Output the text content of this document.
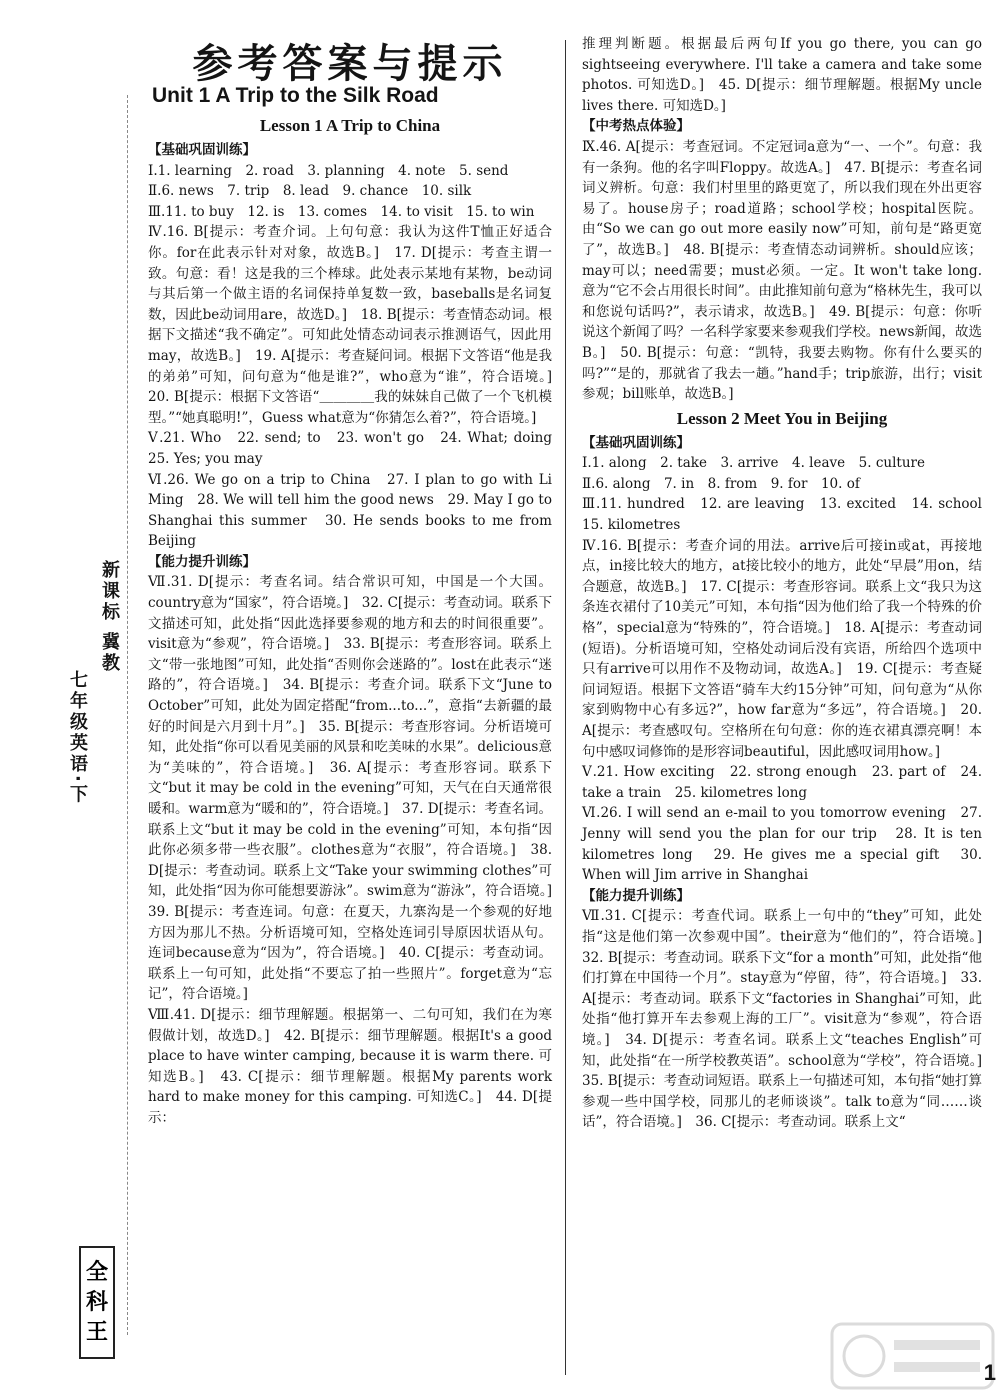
参考答案与提示
Unit 1 A Trip to the Silk Road
新课标 冀教
七年级英语·下
全
科
王
Lesson 1 A Trip to China
【基础巩固训练】

Ⅰ.1. learning　2. road　3. planning　4. note　5. send

Ⅱ.6. news　7. trip　8. lead　9. chance　10. silk

Ⅲ.11. to buy　12. is　13. comes　14. to visit　15. to win

Ⅳ.16. B[提示：考查介词。上句句意：我认为这件T恤正好适合你。for在此表示针对对象，故选B。]　17. D[提示：考查主谓一致。句意：看！这是我的三个棒球。此处表示某地有某物，be动词与其后第一个做主语的名词保持单复数一致，baseballs是名词复数，因此be动词用are，故选D。]　18. B[提示：考查情态动词。根据下文描述“我不确定”。可知此处情态动词表示推测语气，因此用may，故选B。]　19. A[提示：考查疑问词。根据下文答语“他是我的弟弟”可知，问句意为“他是谁?”，who意为“谁”，符合语境。]　20. B[提示：根据下文答语“＿＿＿＿我的妹妹自己做了一个飞机模型。”“她真聪明!”，Guess what意为“你猜怎么着?”，符合语境。]

Ⅴ.21. Who　22. send; to　23. won't go　24. What; doing　25. Yes; you may

Ⅵ.26. We go on a trip to China　27. I plan to go with Li Ming　28. We will tell him the good news　29. May I go to Shanghai this summer　30. He sends books to me from Beijing

【能力提升训练】

Ⅶ.31. D[提示：考查名词。结合常识可知，中国是一个大国。country意为“国家”，符合语境。]　32. C[提示：考查动词。联系下文描述可知，此处指“因此选择要参观的地方和去的时间很重要”。visit意为“参观”，符合语境。]　33. B[提示：考查形容词。联系上文“带一张地图”可知，此处指“否则你会迷路的”。lost在此表示“迷路的”，符合语境。]　34. B[提示：考查介词。联系下文“June to October”可知，此处为固定搭配“from...to...”，意指“去新疆的最好的时间是六月到十月”。]　35. B[提示：考查形容词。分析语境可知，此处指“你可以看见美丽的风景和吃美味的水果”。delicious意为“美味的”，符合语境。]　36. A[提示：考查形容词。联系下文“but it may be cold in the evening”可知，天气在白天通常很暖和。warm意为“暖和的”，符合语境。]　37. D[提示：考查名词。联系上文“but it may be cold in the evening”可知，本句指“因此你必须多带一些衣服”。clothes意为“衣服”，符合语境。]　38. D[提示：考查动词。联系上文“Take your swimming clothes”可知，此处指“因为你可能想要游泳”。swim意为“游泳”，符合语境。]　39. B[提示：考查连词。句意：在夏天，九寨沟是一个参观的好地方因为那儿不热。分析语境可知，空格处连词引导原因状语从句。连词because意为“因为”，符合语境。]　40. C[提示：考查动词。联系上一句可知，此处指“不要忘了拍一些照片”。forget意为“忘记”，符合语境。]

Ⅷ.41. D[提示：细节理解题。根据第一、二句可知，我们在为寒假做计划，故选D。]　42. B[提示：细节理解题。根据It's a good place to have winter camping, because it is warm there. 可知选B。]　43. C[提示：细节理解题。根据My parents work hard to make money for this camping. 可知选C。]　44. D[提示：

推理判断题。根据最后两句If you go there, you can go sightseeing everywhere. I'll take a camera and take some photos. 可知选D。]　45. D[提示：细节理解题。根据My uncle lives there. 可知选D。]

【中考热点体验】

Ⅸ.46. A[提示：考查冠词。不定冠词a意为“一、一个”。句意：我有一条狗。他的名字叫Floppy。故选A。]　47. B[提示：考查名词词义辨析。句意：我们村里里的路更宽了，所以我们现在外出更容易了。house房子；road道路；school学校；hospital医院。由“So we can go out more easily now”可知，前句是“路更宽了”，故选B。]　48. B[提示：考查情态动词辨析。should应该；may可以；need需要；must必须。一定。It won't take long. 意为“它不会占用很长时间”。由此推知前句意为“格林先生，我可以和您说句话吗?”，表示请求，故选B。]　49. B[提示：句意：你听说这个新闻了吗？一名科学家要来参观我们学校。news新闻，故选B。]　50. B[提示：句意：“凯特，我要去购物。你有什么要买的吗?”“是的，那就省了我去一趟。”hand手；trip旅游，出行；visit参观；bill账单，故选B。]

Lesson 2 Meet You in Beijing
【基础巩固训练】

Ⅰ.1. along　2. take　3. arrive　4. leave　5. culture

Ⅱ.6. along　7. in　8. from　9. for　10. of

Ⅲ.11. hundred　12. are leaving　13. excited　14. school　15. kilometres

Ⅳ.16. B[提示：考查介词的用法。arrive后可接in或at，再接地点，in接比较大的地方，at接比较小的地方，此处“早晨”用on，结合题意，故选B。]　17. C[提示：考查形容词。联系上文“我只为这条连衣裙付了10美元”可知，本句指“因为他们给了我一个特殊的价格”，special意为“特殊的”，符合语境。]　18. A[提示：考查动词(短语)。分析语境可知，空格处动词后没有宾语，所给四个选项中只有arrive可以用作不及物动词，故选A。]　19. C[提示：考查疑问词短语。根据下文答语“骑车大约15分钟”可知，问句意为“从你家到购物中心有多远?”，how far意为“多远”，符合语境。]　20. A[提示：考查感叹句。空格所在句句意：你的连衣裙真漂亮啊！本句中感叹词修饰的是形容词beautiful，因此感叹词用how。]

Ⅴ.21. How exciting　22. strong enough　23. part of　24. take a train　25. kilometres long

Ⅵ.26. I will send an e-mail to you tomorrow evening　27. Jenny will send you the plan for our trip　28. It is ten kilometres long　29. He gives me a special gift　30. When will Jim arrive in Shanghai

【能力提升训练】

Ⅶ.31. C[提示：考查代词。联系上一句中的“they”可知，此处指“这是他们第一次参观中国”。their意为“他们的”，符合语境。]　32. B[提示：考查动词。联系下文“for a month”可知，此处指“他们打算在中国待一个月”。stay意为“停留，待”，符合语境。]　33. A[提示：考查动词。联系下文“factories in Shanghai”可知，此处指“他打算开车去参观上海的工厂”。visit意为“参观”，符合语境。]　34. D[提示：考查名词。联系上文“teaches English”可知，此处指“在一所学校教英语”。school意为“学校”，符合语境。]　35. B[提示：考查动词短语。联系上一句描述可知，本句指“她打算参观一些中国学校，同那儿的老师谈谈”。talk to意为“同……谈话”，符合语境。]　36. C[提示：考查动词。联系上文“

1
